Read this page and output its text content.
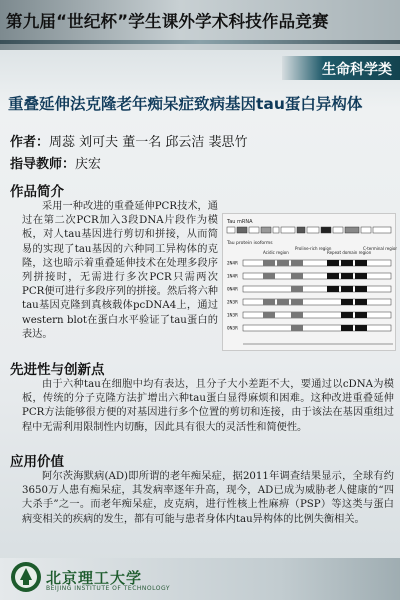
第九届“世纪杯”学生课外学术科技作品竞赛
生命科学类
重叠延伸法克隆老年痴呆症致病基因tau蛋白异构体
作者：周蕊 刘可夫 董一名 邱云洁 裴思竹
指导教师：庆宏
作品简介
采用一种改进的重叠延伸PCR技术，通过在第二次PCR加入3段DNA片段作为模板，对人tau基因进行剪切和拼接，从而简易的实现了tau基因的六种同工异构体的克隆，这也暗示着重叠延伸技术在处理多段序列拼接时，无需进行多次PCR只需两次PCR便可进行多段序列的拼接。然后将六种tau基因克隆到真核载体pcDNA4上，通过western blot在蛋白水平验证了tau蛋白的表达。
Tau mRNA
Tau protein isoforms
Acidic region
Proline-rich region
Repeat domain region
C-terminal region
2N4R
1N4R
0N4R
2N3R
1N3R
0N3R
先进性与创新点
由于六种tau在细胞中均有表达，且分子大小差距不大，要通过以cDNA为模板，传统的分子克隆方法扩增出六种tau蛋白显得麻烦和困难。这种改进重叠延伸PCR方法能够很方便的对基因进行多个位置的剪切和连接，由于该法在基因重组过程中无需利用限制性内切酶，因此具有很大的灵活性和简便性。
应用价值
阿尔茨海默病(AD)即所谓的老年痴呆症，据2011年调查结果显示，全球有约3650万人患有痴呆症，其发病率逐年升高，现今，AD已成为威胁老人健康的“四大杀手”之一。而老年痴呆症，皮克病，进行性核上性麻痹（PSP）等这类与蛋白病变相关的疾病的发生，都有可能与患者身体内tau异构体的比例失衡相关。
北京理工大学
BEIJING INSTITUTE OF TECHNOLOGY
